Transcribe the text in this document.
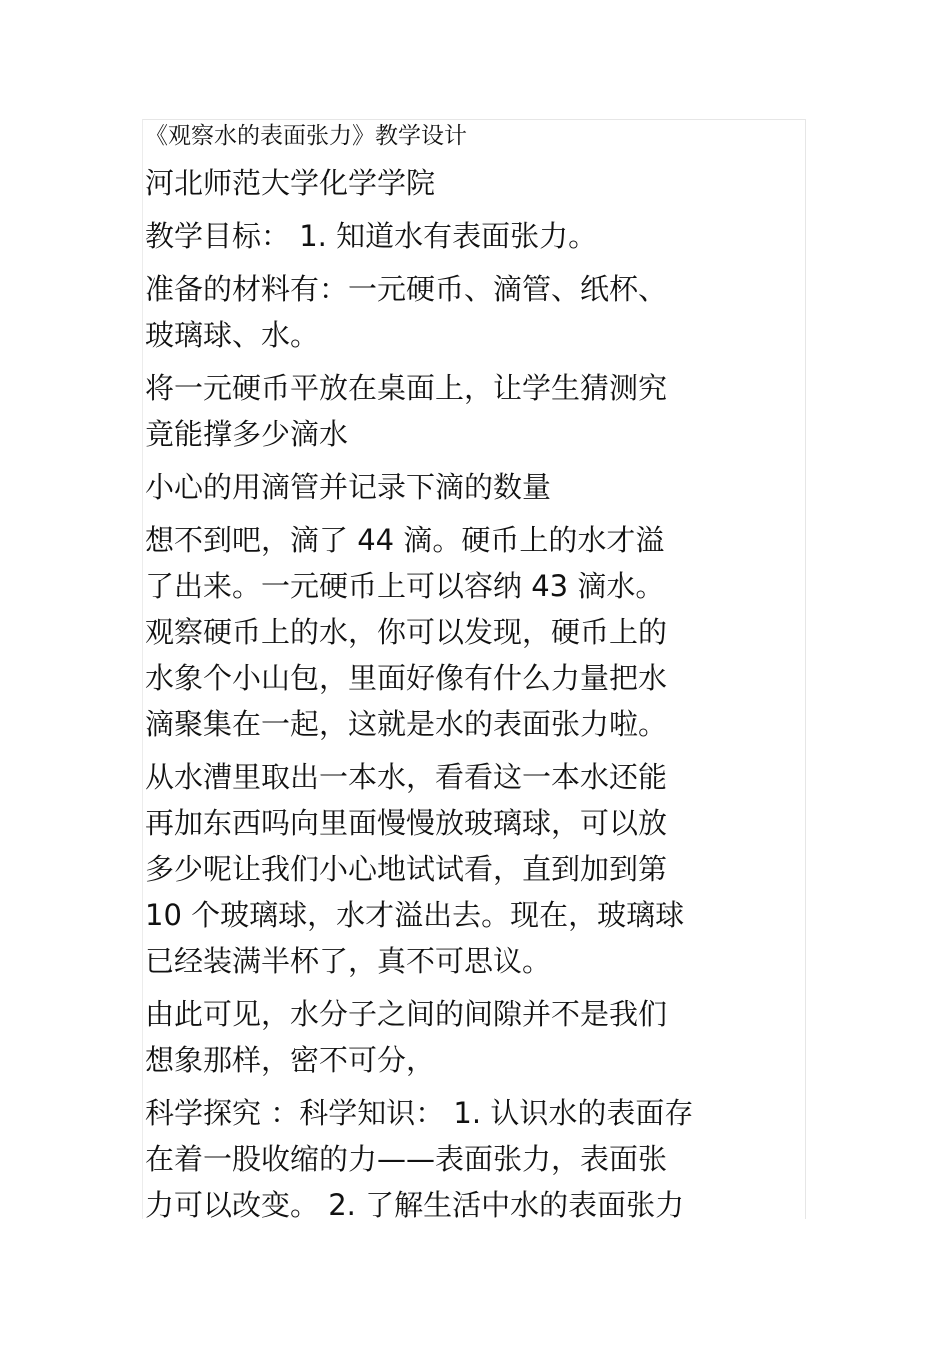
《观察水的表面张力》教学设计
河北师范大学化学学院
教学目标： 1. 知道水有表面张力。
准备的材料有：一元硬币、滴管、纸杯、
玻璃球、水。
将一元硬币平放在桌面上，让学生猜测究
竟能撑多少滴水
小心的用滴管并记录下滴的数量
想不到吧，滴了 44 滴。硬币上的水才溢
了出来。一元硬币上可以容纳 43 滴水。
观察硬币上的水，你可以发现，硬币上的
水象个小山包，里面好像有什么力量把水
滴聚集在一起，这就是水的表面张力啦。
从水漕里取出一本水，看看这一本水还能
再加东西吗向里面慢慢放玻璃球，可以放
多少呢让我们小心地试试看，直到加到第
10 个玻璃球，水才溢出去。现在，玻璃球
已经装满半杯了，真不可思议。
由此可见，水分子之间的间隙并不是我们
想象那样，密不可分，
科学探究 ：科学知识： 1. 认识水的表面存
在着一股收缩的力——表面张力，表面张
力可以改变。 2. 了解生活中水的表面张力
